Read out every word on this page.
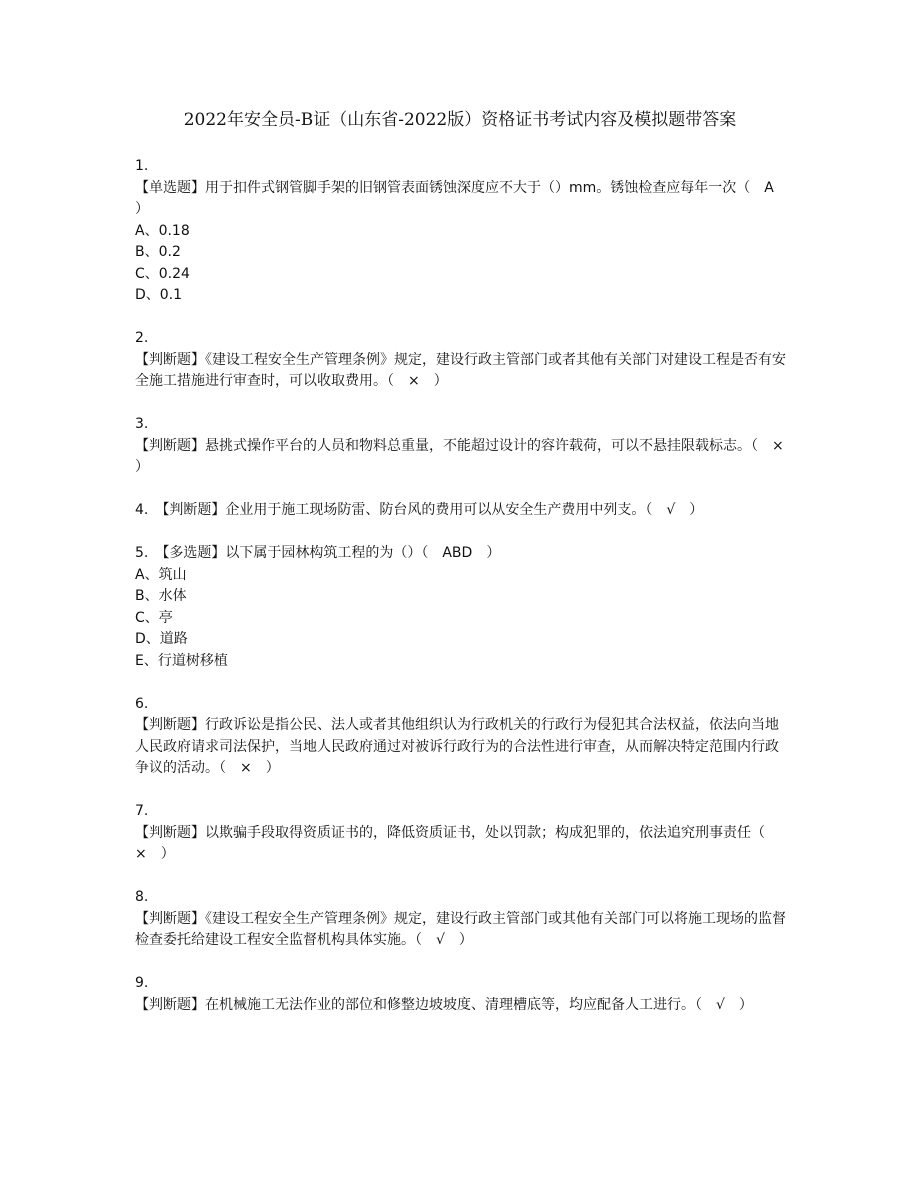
2022年安全员-B证（山东省-2022版）资格证书考试内容及模拟题带答案
1.
【单选题】用于扣件式钢管脚手架的旧钢管表面锈蚀深度应不大于（）mm。锈蚀检查应每年一次（　A　）
A、0.18
B、0.2
C、0.24
D、0.1
2.
【判断题】《建设工程安全生产管理条例》规定，建设行政主管部门或者其他有关部门对建设工程是否有安全施工措施进行审查时，可以收取费用。（　×　）
3.
【判断题】悬挑式操作平台的人员和物料总重量，不能超过设计的容许载荷，可以不悬挂限载标志。（　×　）
4.　【判断题】企业用于施工现场防雷、防台风的费用可以从安全生产费用中列支。（　√　）
5.　【多选题】以下属于园林构筑工程的为（）（　ABD　）
A、筑山
B、水体
C、亭
D、道路
E、行道树移植
6.
【判断题】行政诉讼是指公民、法人或者其他组织认为行政机关的行政行为侵犯其合法权益，依法向当地人民政府请求司法保护，当地人民政府通过对被诉行政行为的合法性进行审查，从而解决特定范围内行政争议的活动。（　×　）
7.
【判断题】以欺骗手段取得资质证书的，降低资质证书，处以罚款；构成犯罪的，依法追究刑事责任（　×　）
8.
【判断题】《建设工程安全生产管理条例》规定，建设行政主管部门或其他有关部门可以将施工现场的监督检查委托给建设工程安全监督机构具体实施。（　√　）
9.
【判断题】在机械施工无法作业的部位和修整边坡坡度、清理槽底等，均应配备人工进行。（　√　）
